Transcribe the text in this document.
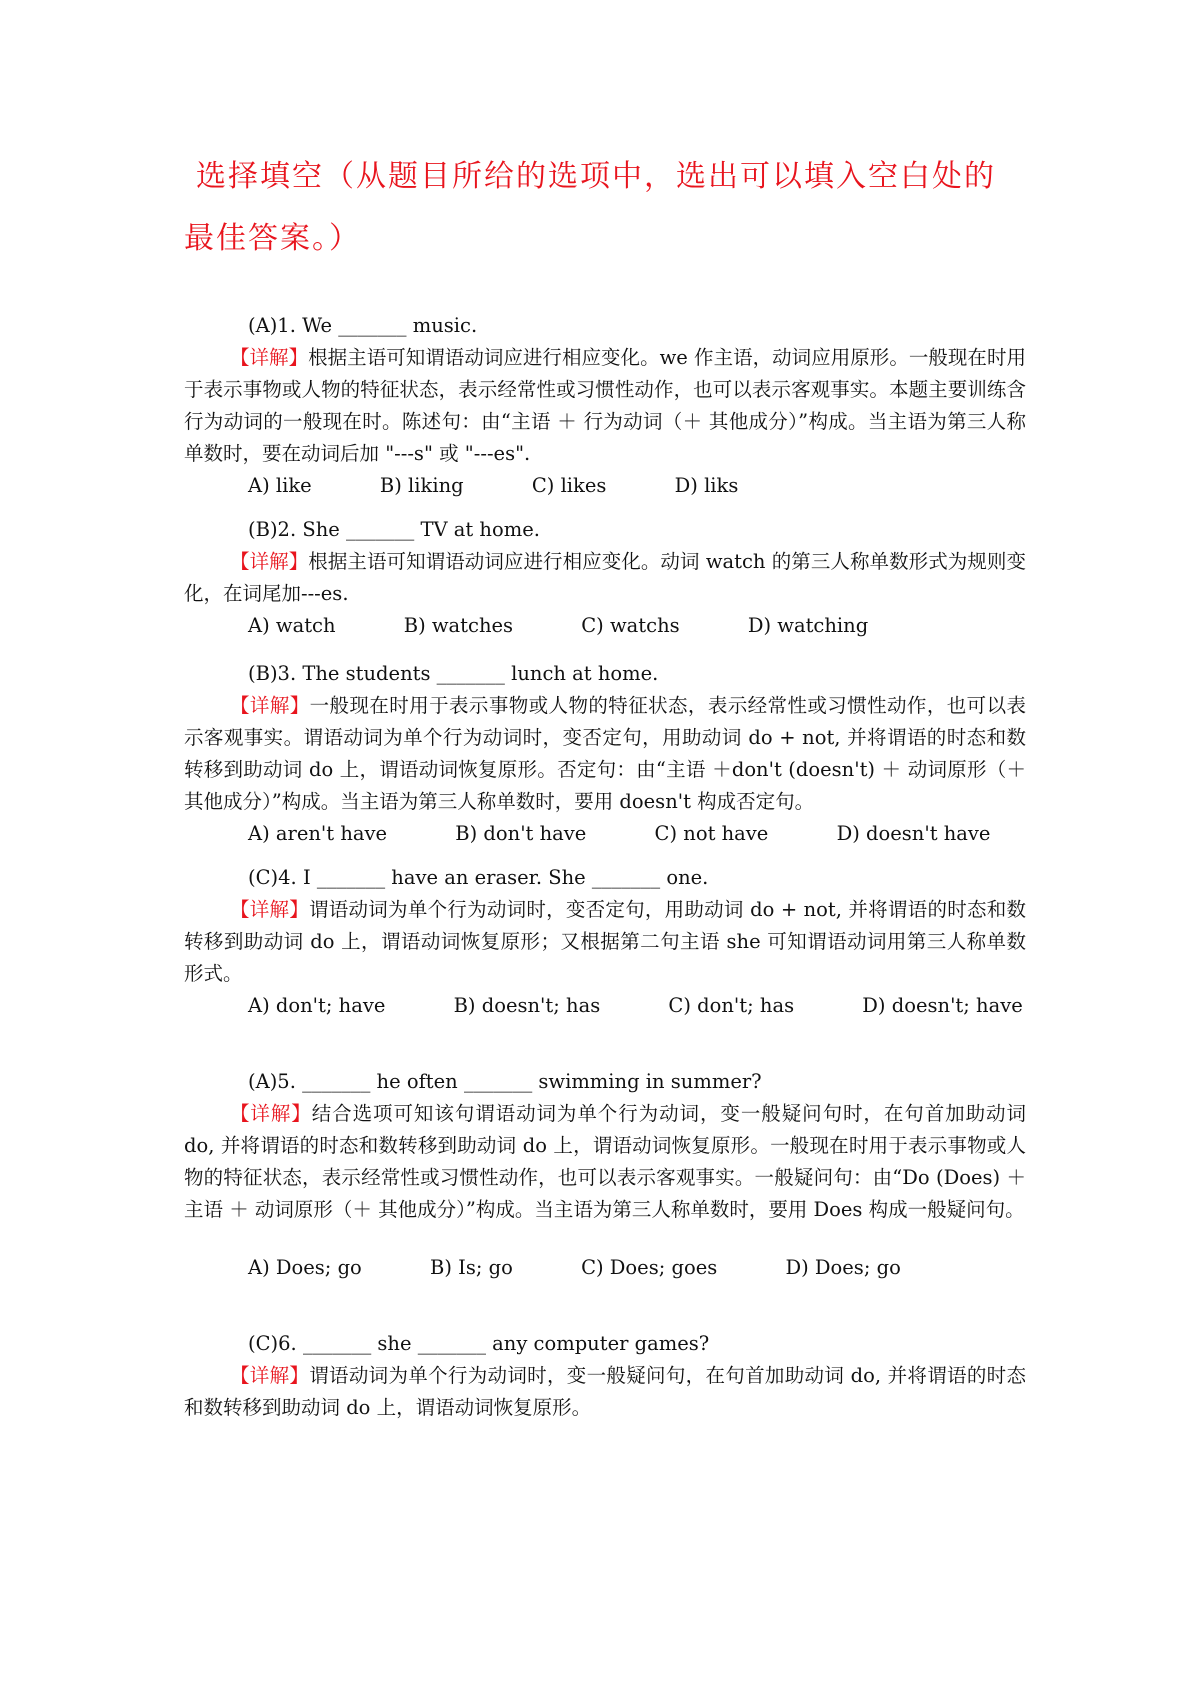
选择填空（从题目所给的选项中，选出可以填入空白处的最佳答案。）

(A)1. We _______ music.

【详解】根据主语可知谓语动词应进行相应变化。we 作主语，动词应用原形。一般现在时用于表示事物或人物的特征状态，表示经常性或习惯性动作，也可以表示客观事实。本题主要训练含行为动词的一般现在时。陈述句：由“主语 ＋ 行为动词（＋ 其他成分）”构成。当主语为第三人称单数时，要在动词后加 "---s" 或 "---es".

A) like	B) liking	C) likes	D) liks

(B)2. She _______ TV at home.

【详解】根据主语可知谓语动词应进行相应变化。动词 watch 的第三人称单数形式为规则变化，在词尾加---es.

A) watch	B) watches	C) watchs	D) watching

(B)3. The students _______ lunch at home.

【详解】一般现在时用于表示事物或人物的特征状态，表示经常性或习惯性动作，也可以表示客观事实。谓语动词为单个行为动词时，变否定句，用助动词 do + not, 并将谓语的时态和数转移到助动词 do 上，谓语动词恢复原形。否定句：由“主语 ＋don't (doesn't) ＋ 动词原形（＋ 其他成分）”构成。当主语为第三人称单数时，要用 doesn't 构成否定句。

A) aren't have	B) don't have	C) not have	D) doesn't have

(C)4. I _______ have an eraser. She _______ one.

【详解】谓语动词为单个行为动词时，变否定句，用助动词 do + not, 并将谓语的时态和数转移到助动词 do 上，谓语动词恢复原形；又根据第二句主语 she 可知谓语动词用第三人称单数形式。

A) don't; have	B) doesn't; has	C) don't; has	D) doesn't; have

(A)5. _______ he often _______ swimming in summer?

【详解】结合选项可知该句谓语动词为单个行为动词，变一般疑问句时，在句首加助动词 do, 并将谓语的时态和数转移到助动词 do 上，谓语动词恢复原形。一般现在时用于表示事物或人物的特征状态，表示经常性或习惯性动作，也可以表示客观事实。一般疑问句：由“Do (Does) ＋ 主语 ＋ 动词原形（＋ 其他成分）”构成。当主语为第三人称单数时，要用 Does 构成一般疑问句。

A) Does; go	B) Is; go	C) Does; goes	D) Does; go

(C)6. _______ she _______ any computer games?

【详解】谓语动词为单个行为动词时，变一般疑问句，在句首加助动词 do, 并将谓语的时态和数转移到助动词 do 上，谓语动词恢复原形。
